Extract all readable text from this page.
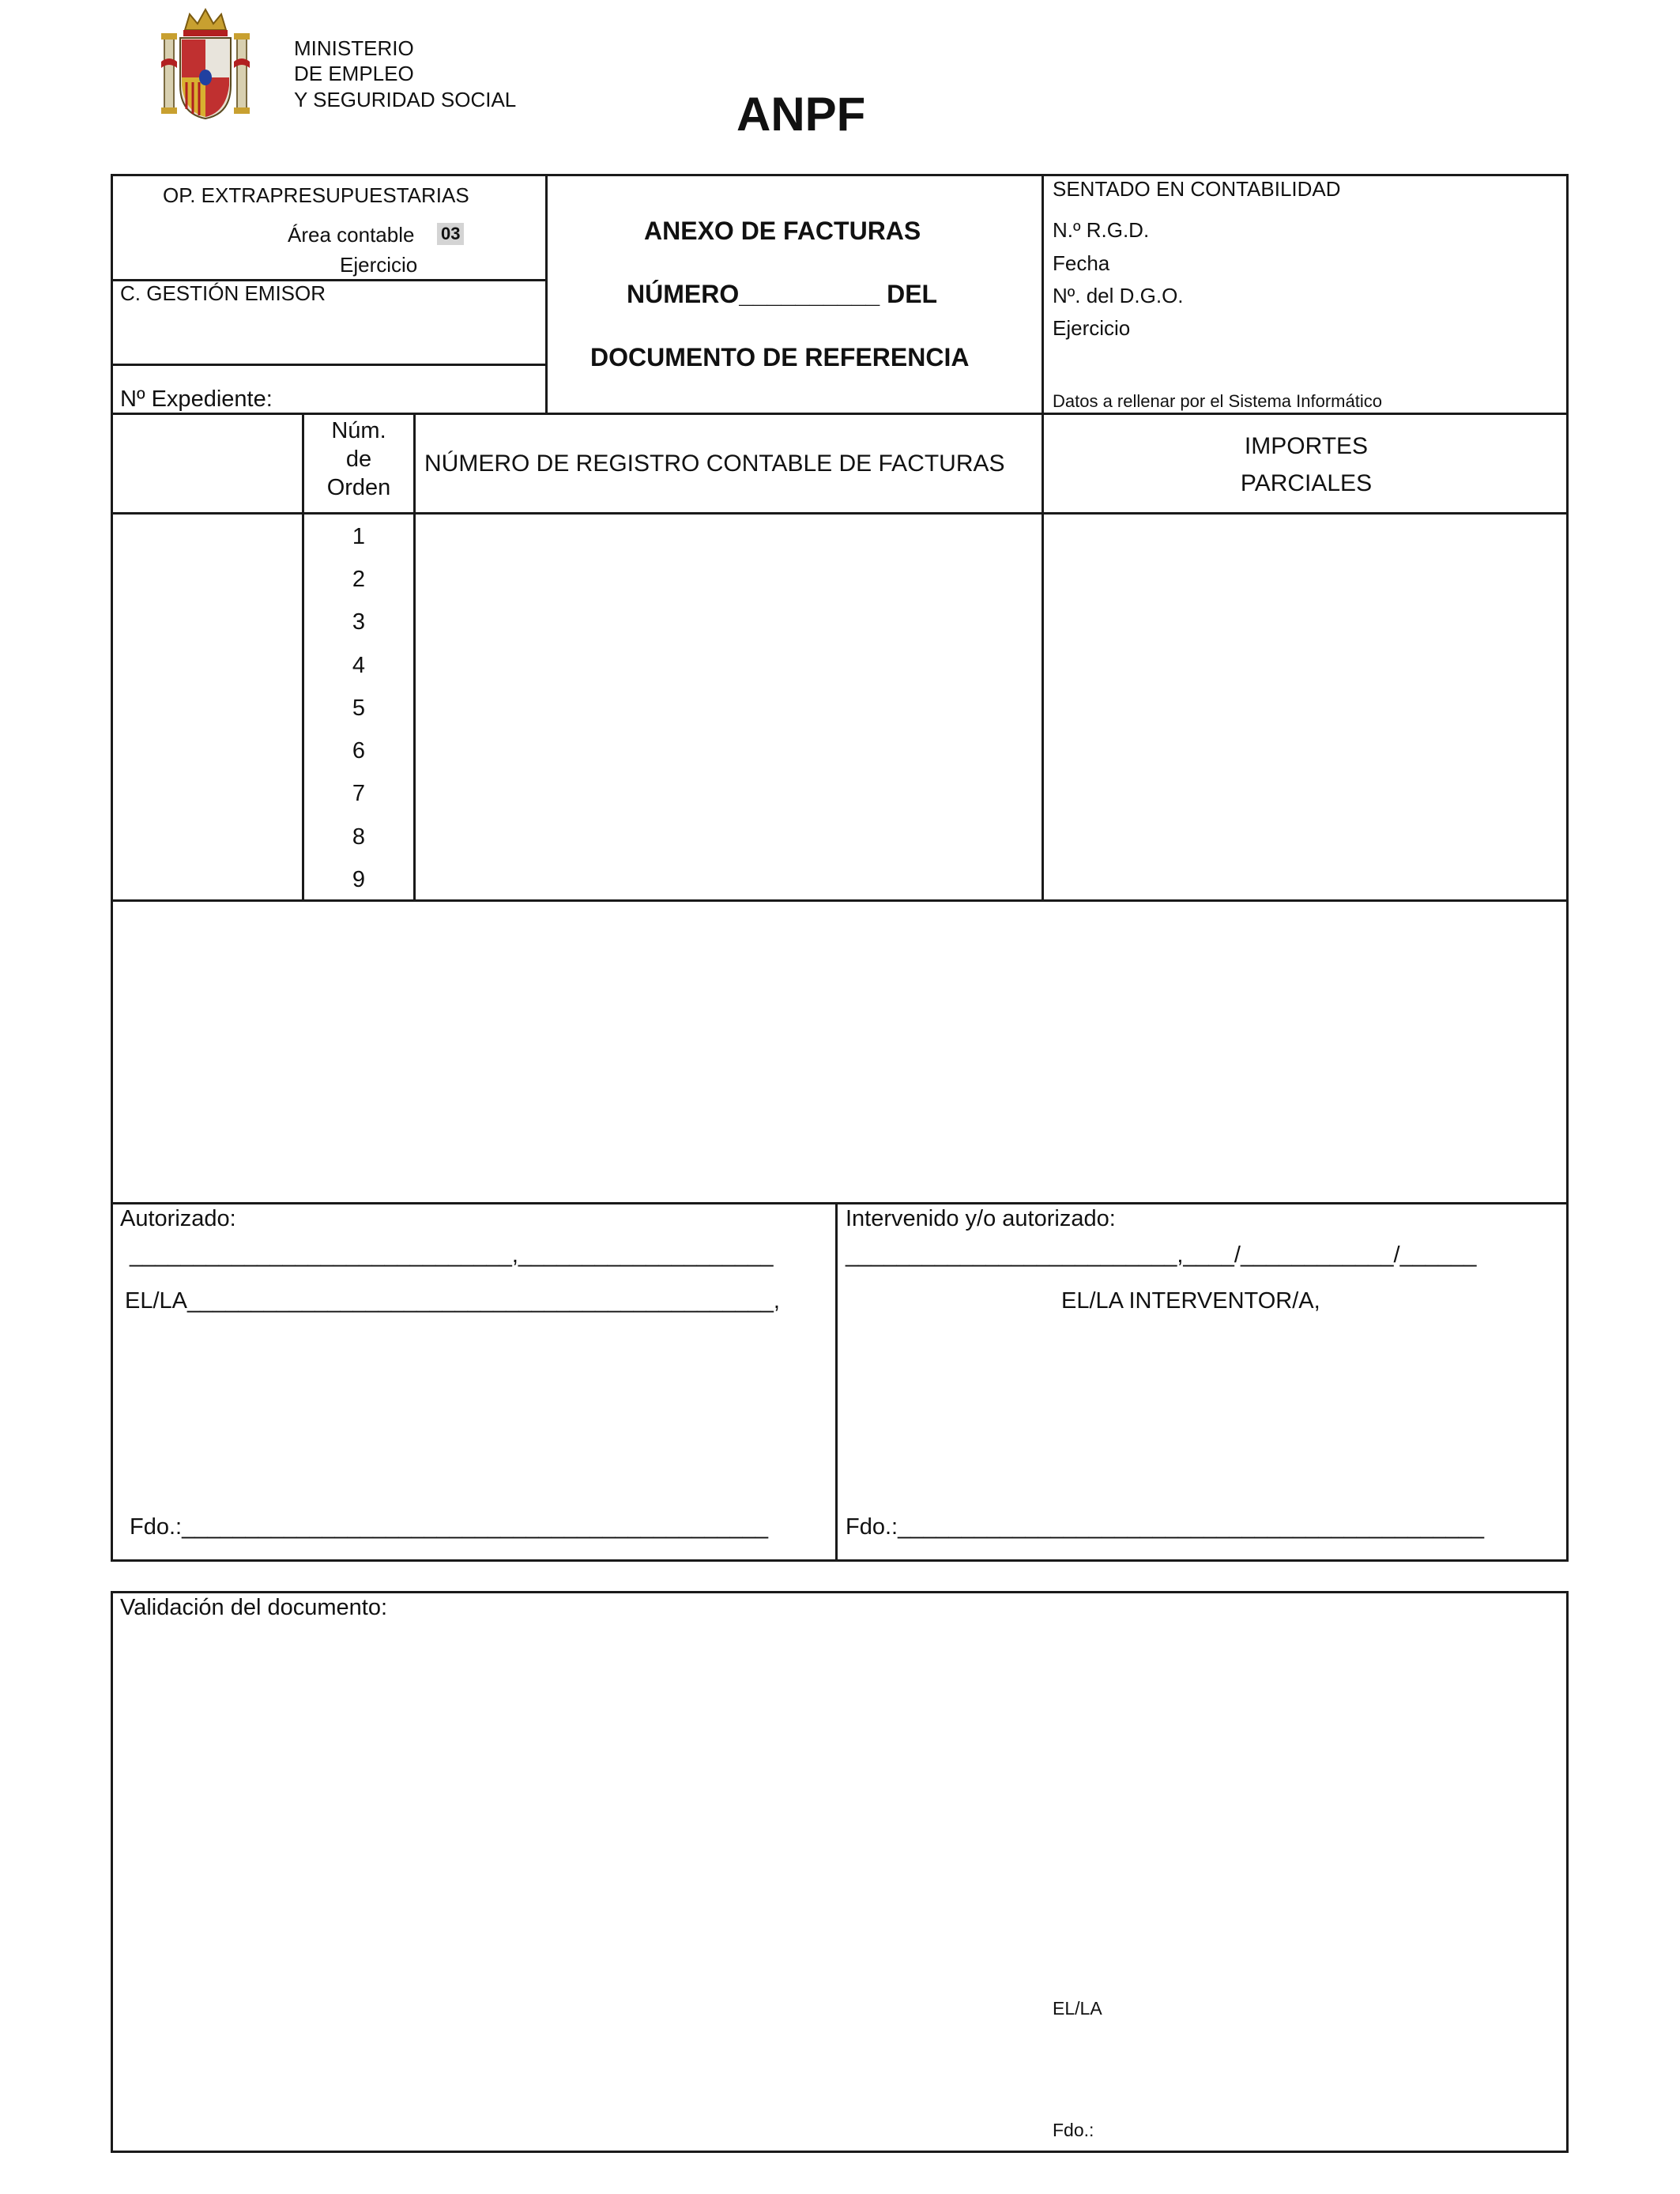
MINISTERIO
DE EMPLEO
Y SEGURIDAD SOCIAL	ANPF
OP. EXTRAPRESUPUESTARIAS
Área contable 03
Ejercicio
C. GESTIÓN EMISOR
Nº Expediente:
ANEXO DE FACTURAS
NÚMERO__________ DEL
DOCUMENTO DE REFERENCIA
SENTADO EN CONTABILIDAD
N.º R.G.D.
Fecha
Nº. del D.G.O.
Ejercicio
Datos a rellenar por el Sistema Informático
Núm.
de
Orden
NÚMERO DE REGISTRO CONTABLE DE FACTURAS
IMPORTES
PARCIALES
1
2
3
4
5
6
7
8
9
Autorizado:
______________________________,____________________
EL/LA______________________________________________,
Fdo.:______________________________________________
Intervenido y/o autorizado:
__________________________,____/____________/______
EL/LA INTERVENTOR/A,
Fdo.:______________________________________________
Validación del documento:
EL/LA
Fdo.:
